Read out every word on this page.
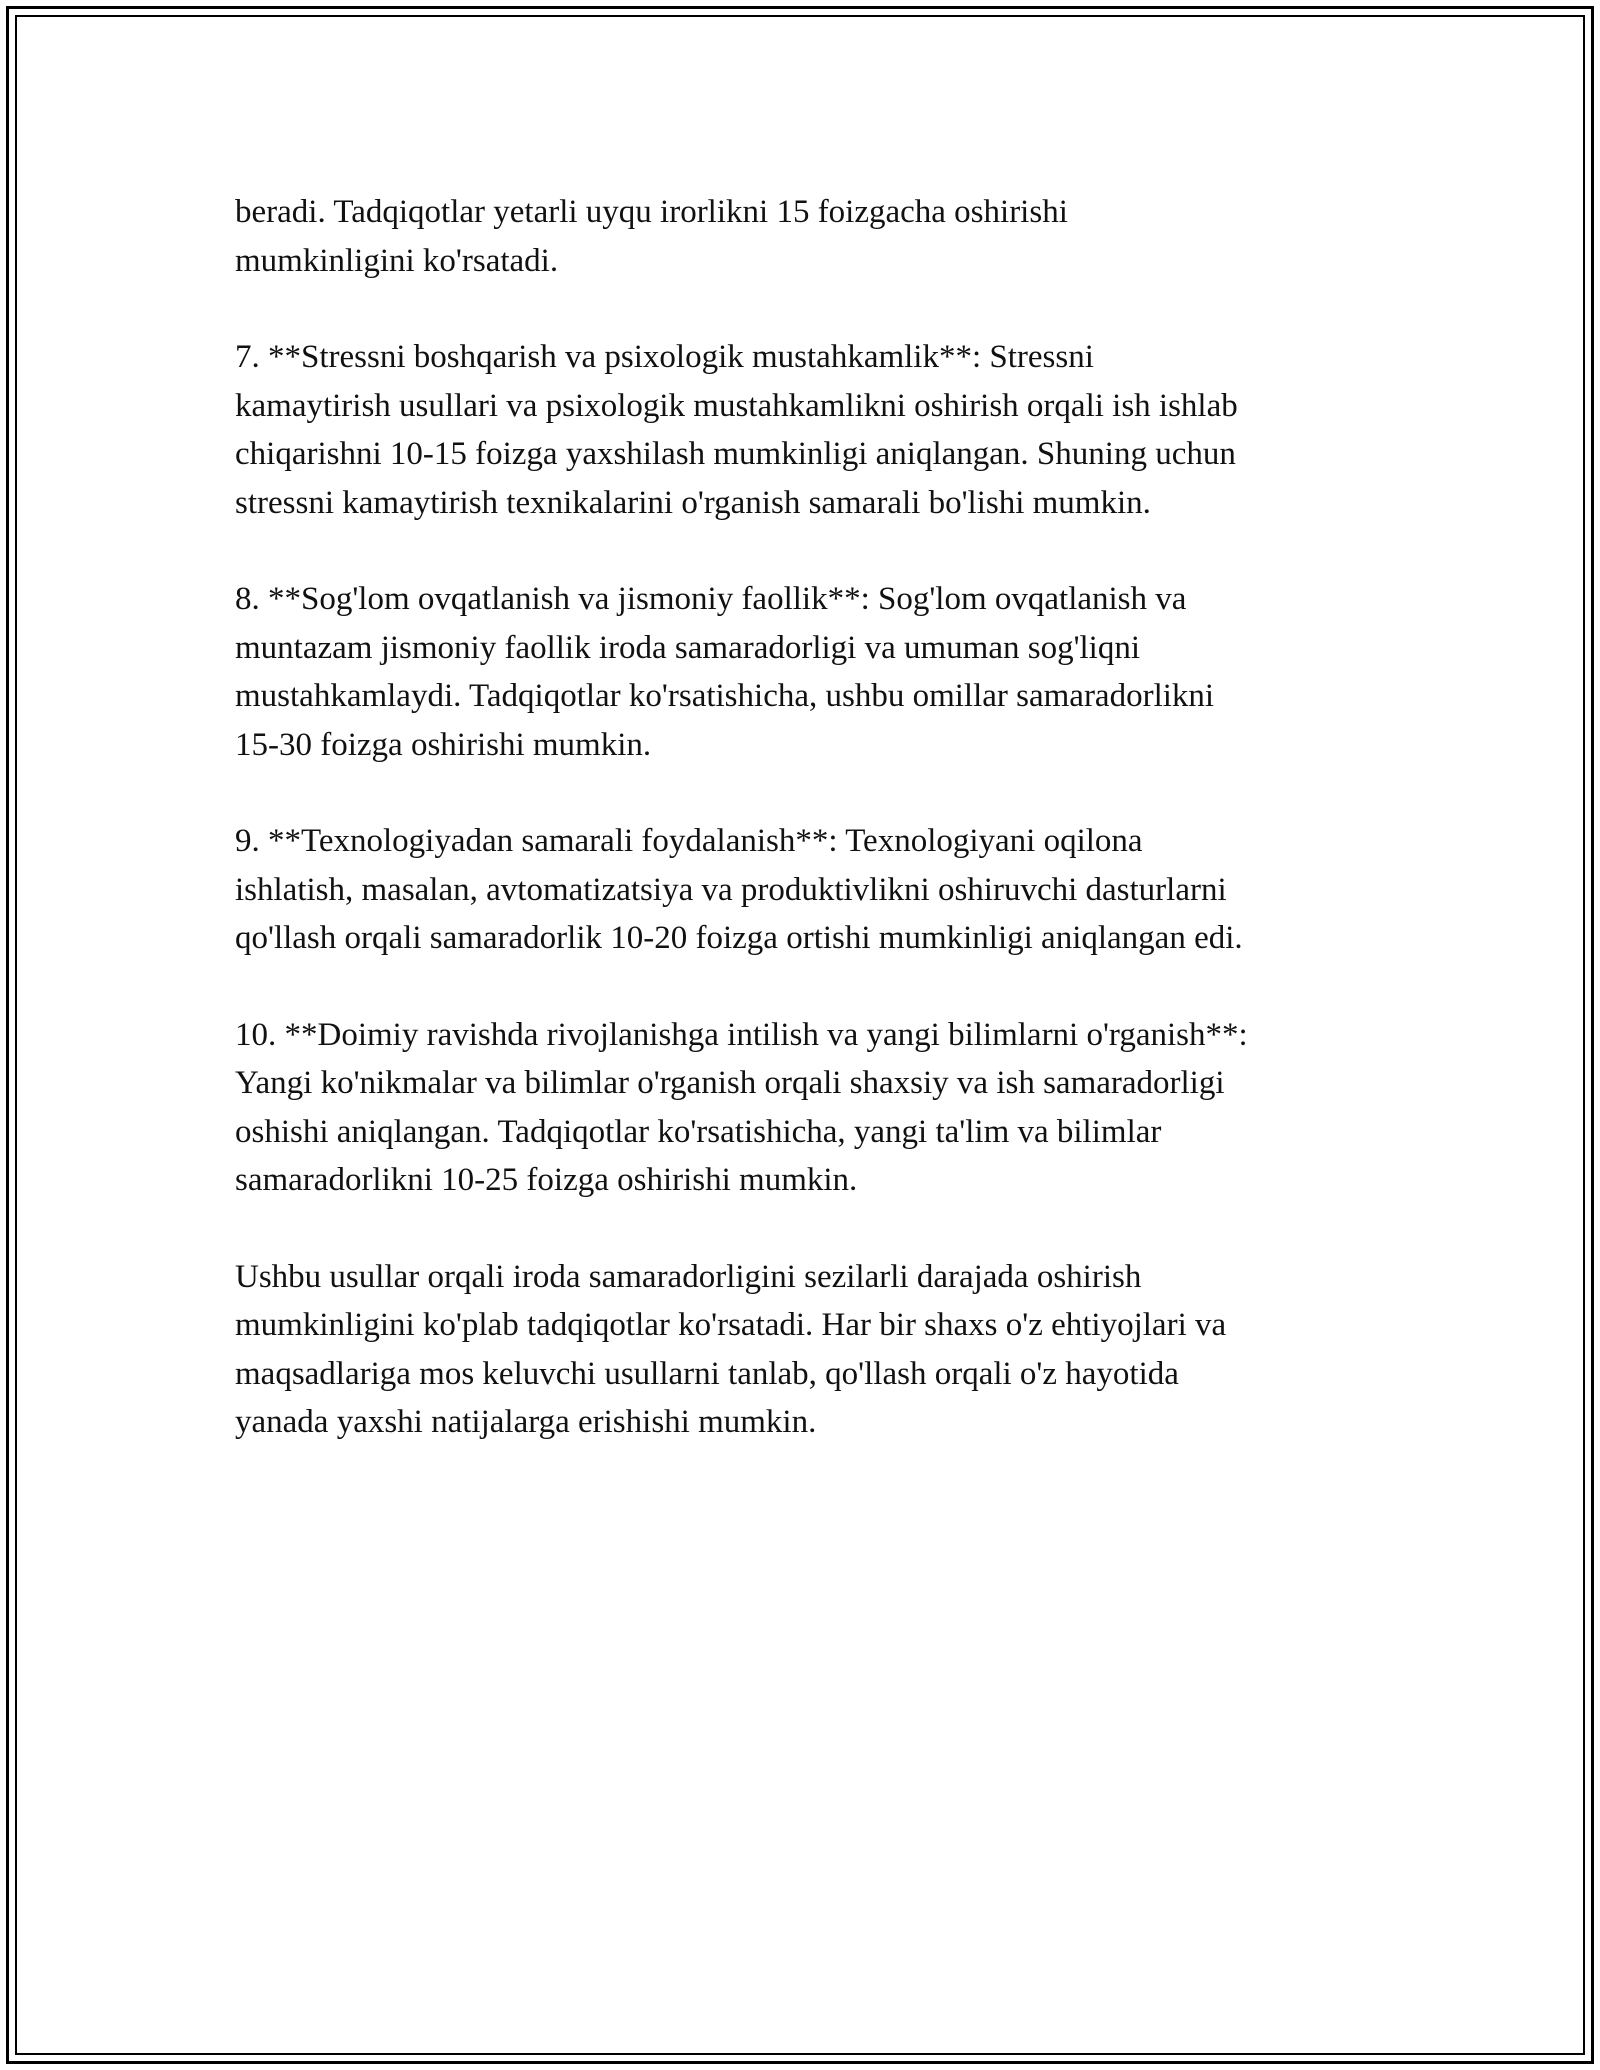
beradi. Tadqiqotlar yetarli uyqu irorlikni 15 foizgacha oshirishi
mumkinligini ko'rsatadi.

7. **Stressni boshqarish va psixologik mustahkamlik**: Stressni
kamaytirish usullari va psixologik mustahkamlikni oshirish orqali ish ishlab
chiqarishni 10-15 foizga yaxshilash mumkinligi aniqlangan. Shuning uchun
stressni kamaytirish texnikalarini o'rganish samarali bo'lishi mumkin.

8. **Sog'lom ovqatlanish va jismoniy faollik**: Sog'lom ovqatlanish va
muntazam jismoniy faollik iroda samaradorligi va umuman sog'liqni
mustahkamlaydi. Tadqiqotlar ko'rsatishicha, ushbu omillar samaradorlikni
15-30 foizga oshirishi mumkin.

9. **Texnologiyadan samarali foydalanish**: Texnologiyani oqilona
ishlatish, masalan, avtomatizatsiya va produktivlikni oshiruvchi dasturlarni
qo'llash orqali samaradorlik 10-20 foizga ortishi mumkinligi aniqlangan edi.

10. **Doimiy ravishda rivojlanishga intilish va yangi bilimlarni o'rganish**:
Yangi ko'nikmalar va bilimlar o'rganish orqali shaxsiy va ish samaradorligi
oshishi aniqlangan. Tadqiqotlar ko'rsatishicha, yangi ta'lim va bilimlar
samaradorlikni 10-25 foizga oshirishi mumkin.

Ushbu usullar orqali iroda samaradorligini sezilarli darajada oshirish
mumkinligini ko'plab tadqiqotlar ko'rsatadi. Har bir shaxs o'z ehtiyojlari va
maqsadlariga mos keluvchi usullarni tanlab, qo'llash orqali o'z hayotida
yanada yaxshi natijalarga erishishi mumkin.
